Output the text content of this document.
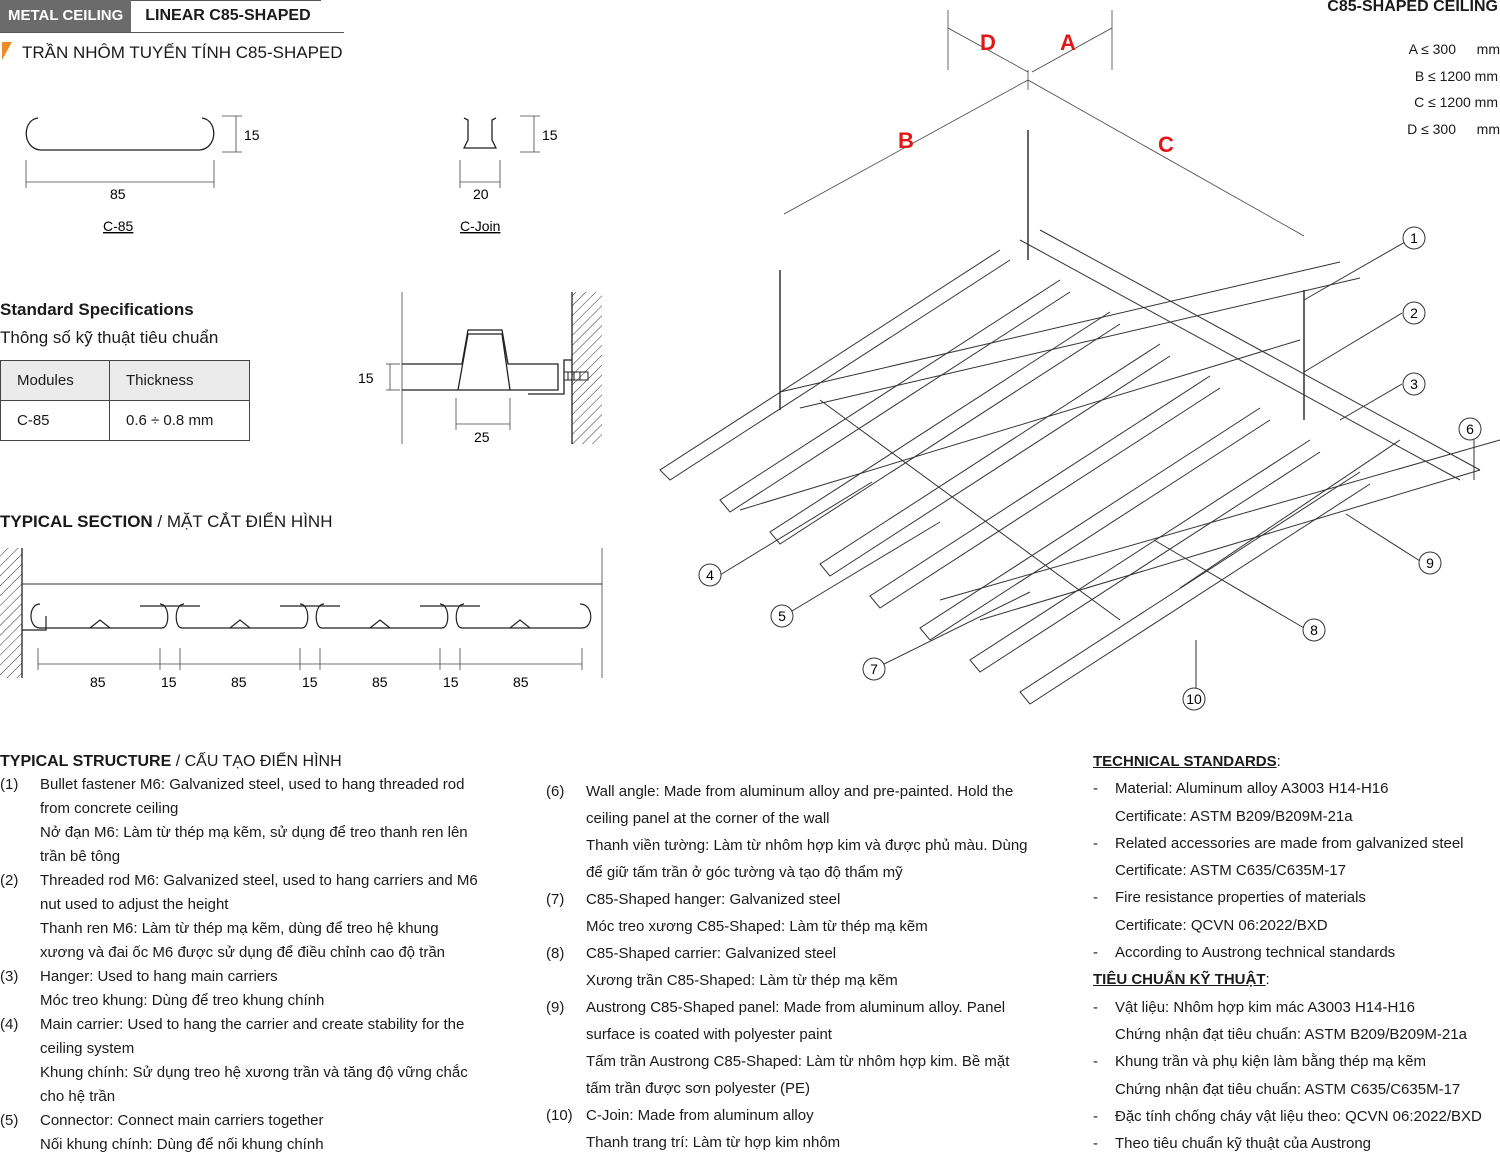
METAL CEILING	LINEAR C85-SHAPED
TRẦN NHÔM TUYẾN TÍNH C85-SHAPED
C85-SHAPED CEILING
A ≤ 300	mm
B ≤ 1200 mm
C ≤ 1200 mm
D ≤ 300	mm
15
85
C-85
15
20
C-Join
Standard Specifications
Thông số kỹ thuật tiêu chuẩn
Modules	Thickness
C-85	0.6 ÷ 0.8 mm
15
25
TYPICAL SECTION / MẶT CẮT ĐIỂN HÌNH
85	15	85	15	85	15	85
D	A
B	C
1
2
3
6
4
5
7
8
9
10
TYPICAL STRUCTURE / CẤU TẠO ĐIỂN HÌNH
(1)	Bullet fastener M6: Galvanized steel, used to hang threaded rod
from concrete ceiling
Nở đạn M6: Làm từ thép mạ kẽm, sử dụng để treo thanh ren lên
trần bê tông
(2)	Threaded rod M6: Galvanized steel, used to hang carriers and M6
nut used to adjust the height
Thanh ren M6: Làm từ thép mạ kẽm, dùng để treo hệ khung
xương và đai ốc M6 được sử dụng để điều chỉnh cao độ trần
(3)	Hanger: Used to hang main carriers
Móc treo khung: Dùng để treo khung chính
(4)	Main carrier: Used to hang the carrier and create stability for the
ceiling system
Khung chính: Sử dụng treo hệ xương trần và tăng độ vững chắc
cho hệ trần
(5)	Connector: Connect main carriers together
Nối khung chính: Dùng để nối khung chính
(6)	Wall angle: Made from aluminum alloy and pre-painted. Hold the
ceiling panel at the corner of the wall
Thanh viền tường: Làm từ nhôm hợp kim và được phủ màu. Dùng
để giữ tấm trần ở góc tường và tạo độ thẩm mỹ
(7)	C85-Shaped hanger: Galvanized steel
Móc treo xương C85-Shaped: Làm từ thép mạ kẽm
(8)	C85-Shaped carrier: Galvanized steel
Xương trần C85-Shaped: Làm từ thép mạ kẽm
(9)	Austrong C85-Shaped panel: Made from aluminum alloy. Panel
surface is coated with polyester paint
Tấm trần Austrong C85-Shaped: Làm từ nhôm hợp kim. Bề mặt
tấm trần được sơn polyester (PE)
(10) C-Join: Made from aluminum alloy
Thanh trang trí: Làm từ hợp kim nhôm
TECHNICAL STANDARDS:
-	Material: Aluminum alloy A3003 H14-H16
Certificate: ASTM B209/B209M-21a
-	Related accessories are made from galvanized steel
Certificate: ASTM C635/C635M-17
-	Fire resistance properties of materials
Certificate: QCVN 06:2022/BXD
-	According to Austrong technical standards
TIÊU CHUẨN KỸ THUẬT:
-	Vật liệu: Nhôm hợp kim mác A3003 H14-H16
Chứng nhận đạt tiêu chuẩn: ASTM B209/B209M-21a
-	Khung trần và phụ kiện làm bằng thép mạ kẽm
Chứng nhận đạt tiêu chuẩn: ASTM C635/C635M-17
-	Đặc tính chống cháy vật liệu theo: QCVN 06:2022/BXD
-	Theo tiêu chuẩn kỹ thuật của Austrong
